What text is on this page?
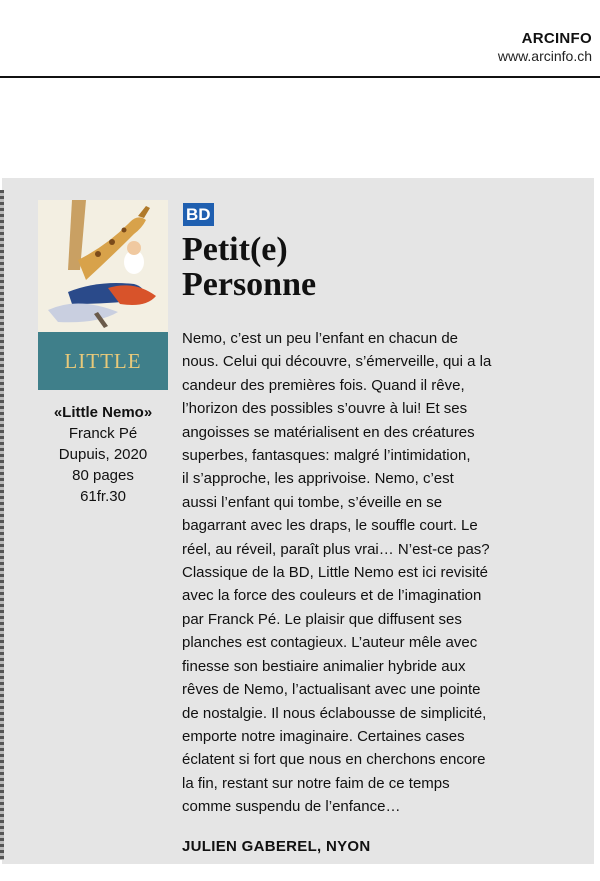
ARCINFO
www.arcinfo.ch
LITTLE
«Little Nemo»
Franck Pé
Dupuis, 2020
80 pages
61fr.30
BD
Petit(e)
Personne
Nemo, c’est un peu l’enfant en chacun de
nous. Celui qui découvre, s’émerveille, qui a la
candeur des premières fois. Quand il rêve,
l’horizon des possibles s’ouvre à lui! Et ses
angoisses se matérialisent en des créatures
superbes, fantasques: malgré l’intimidation,
il s’approche, les apprivoise. Nemo, c’est
aussi l’enfant qui tombe, s’éveille en se
bagarrant avec les draps, le souffle court. Le
réel, au réveil, paraît plus vrai… N’est-ce pas?
Classique de la BD, Little Nemo est ici revisité
avec la force des couleurs et de l’imagination
par Franck Pé. Le plaisir que diffusent ses
planches est contagieux. L’auteur mêle avec
finesse son bestiaire animalier hybride aux
rêves de Nemo, l’actualisant avec une pointe
de nostalgie. Il nous éclabousse de simplicité,
emporte notre imaginaire. Certaines cases
éclatent si fort que nous en cherchons encore
la fin, restant sur notre faim de ce temps
comme suspendu de l’enfance…
JULIEN GABEREL, NYON
